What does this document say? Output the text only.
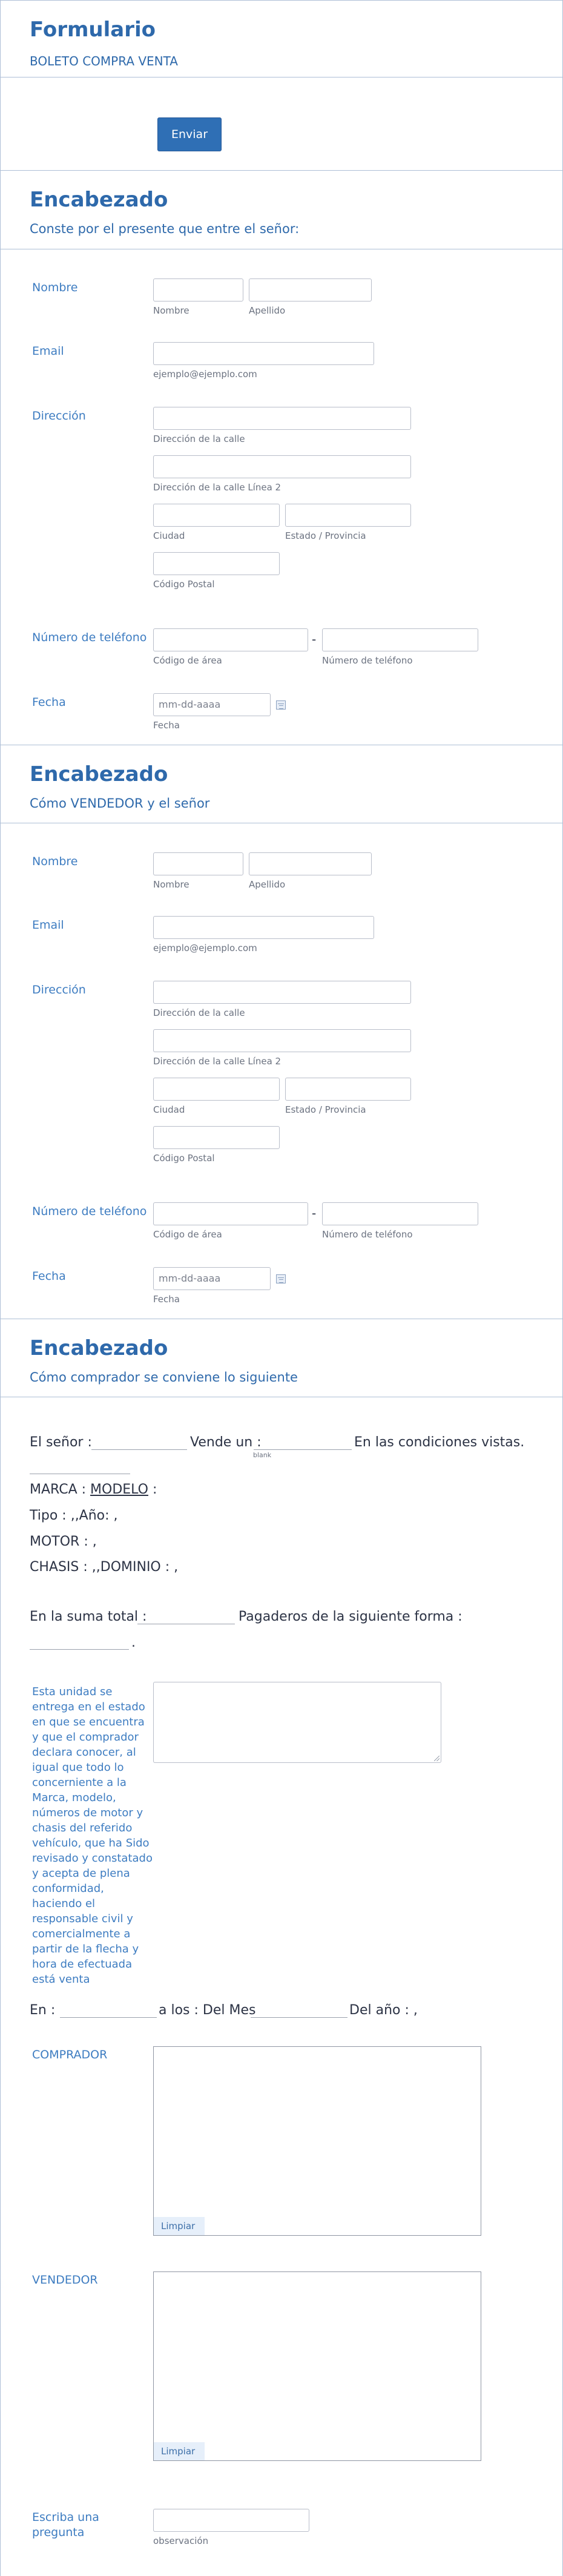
Formulario
BOLETO COMPRA VENTA
Enviar
Encabezado
Conste por el presente que entre el señor:
Nombre
Nombre	Apellido
Email
ejemplo@ejemplo.com
Dirección
Dirección de la calle
Dirección de la calle Línea 2
Ciudad	Estado / Provincia
Código Postal
Número de teléfono	-
Código de área	Número de teléfono
Fecha	mm-dd-aaaa
Fecha
Encabezado
Cómo VENDEDOR y el señor
Nombre
Nombre	Apellido
Email
ejemplo@ejemplo.com
Dirección
Dirección de la calle
Dirección de la calle Línea 2
Ciudad	Estado / Provincia
Código Postal
Número de teléfono	-
Código de área	Número de teléfono
Fecha	mm-dd-aaaa
Fecha
Encabezado
Cómo comprador se conviene lo siguiente
El señor :	Vende un :
blank
En las condiciones vistas.
MARCA : MODELO :
Tipo : ,,Año: ,
MOTOR : ,
CHASIS : ,,DOMINIO : ,
En la suma total :	Pagaderos de la siguiente forma :
.
Esta unidad se entrega en el estado en que se encuentra y que el comprador declara conocer, al igual que todo lo concerniente a la Marca, modelo, números de motor y chasis del referido vehículo, que ha Sido revisado y constatado y acepta de plena conformidad, haciendo el responsable civil y comercialmente a partir de la flecha y hora de efectuada está venta
En :	a los : Del Mes	Del año : ,
COMPRADOR
Limpiar
VENDEDOR
Limpiar
Escriba una pregunta
observación
